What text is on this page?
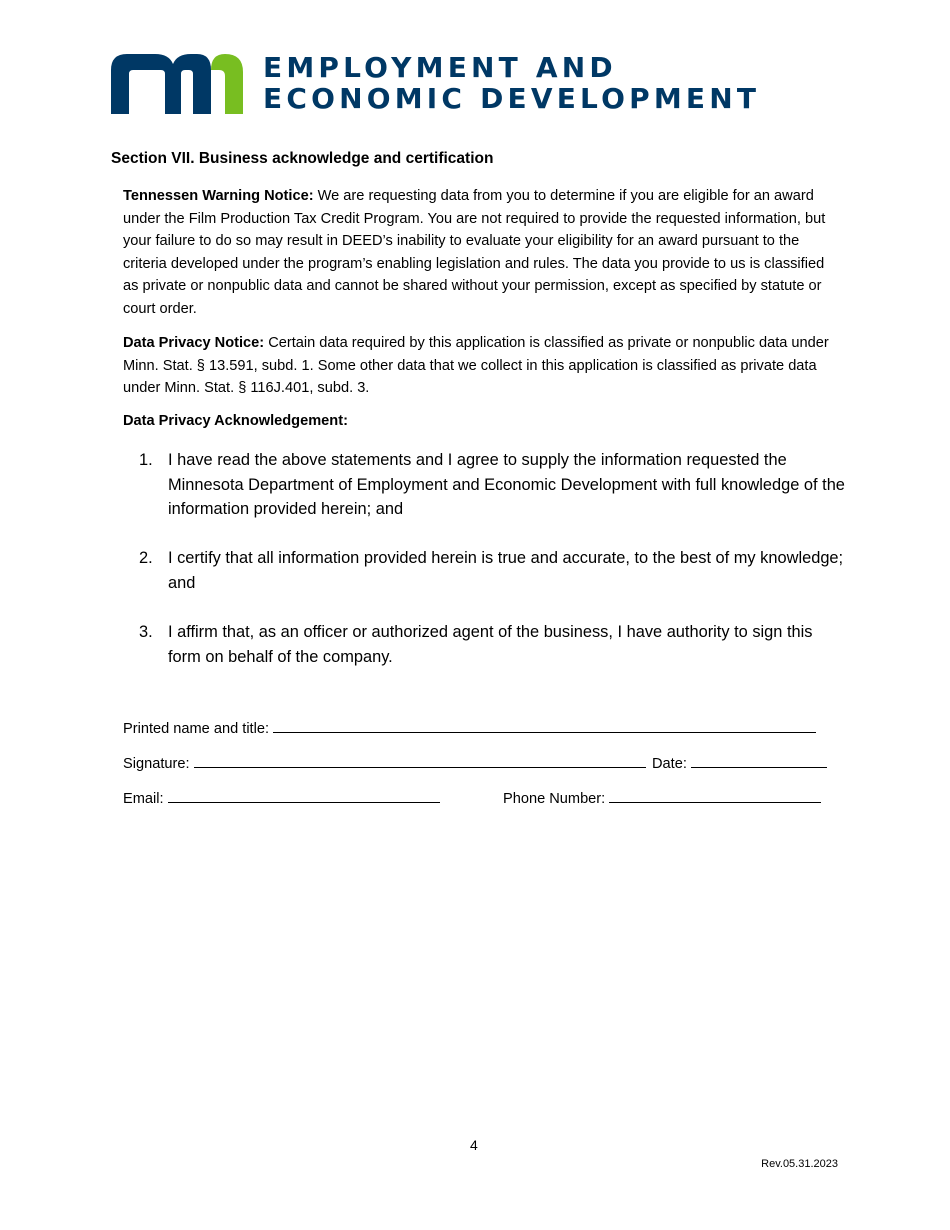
EMPLOYMENT AND
ECONOMIC DEVELOPMENT
Section VII. Business acknowledge and certification
Tennessen Warning Notice: We are requesting data from you to determine if you are eligible for an award under the Film Production Tax Credit Program. You are not required to provide the requested information, but your failure to do so may result in DEED’s inability to evaluate your eligibility for an award pursuant to the criteria developed under the program’s enabling legislation and rules. The data you provide to us is classified as private or nonpublic data and cannot be shared without your permission, except as specified by statute or court order.
Data Privacy Notice: Certain data required by this application is classified as private or nonpublic data under Minn. Stat. § 13.591, subd. 1. Some other data that we collect in this application is classified as private data under Minn. Stat. § 116J.401, subd. 3.
Data Privacy Acknowledgement:
1. I have read the above statements and I agree to supply the information requested the Minnesota Department of Employment and Economic Development with full knowledge of the information provided herein; and
2. I certify that all information provided herein is true and accurate, to the best of my knowledge; and
3. I affirm that, as an officer or authorized agent of the business, I have authority to sign this form on behalf of the company.
Printed name and title:
Signature:	Date:
Email:	Phone Number:
4
Rev.05.31.2023
